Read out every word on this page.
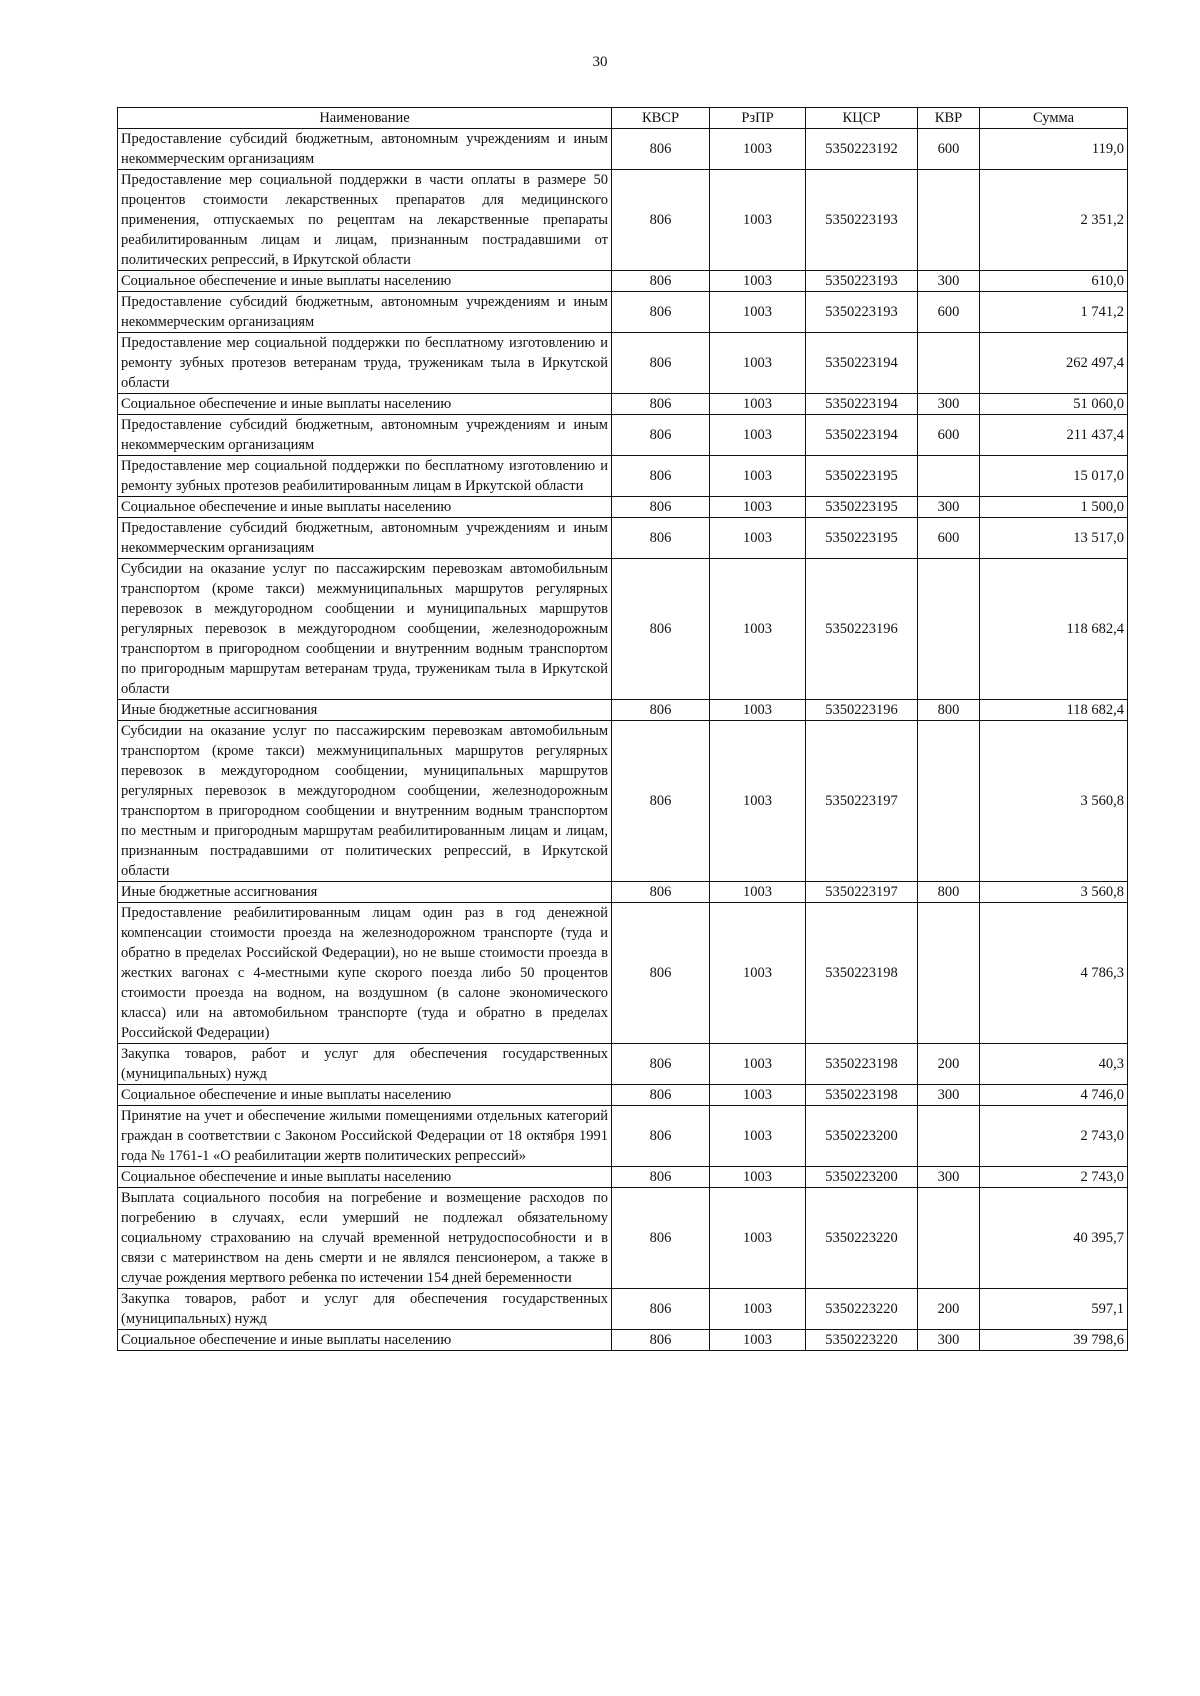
30
Наименование	КВСР	РзПР	КЦСР	КВР	Сумма
Предоставление субсидий бюджетным, автономным учреждениям и иным некоммерческим организациям	806	1003	5350223192	600	119,0
Предоставление мер социальной поддержки в части оплаты в размере 50 процентов стоимости лекарственных препаратов для медицинского применения, отпускаемых по рецептам на лекарственные препараты реабилитированным лицам и лицам, признанным пострадавшими от политических репрессий, в Иркутской области	806	1003	5350223193		2 351,2
Социальное обеспечение и иные выплаты населению	806	1003	5350223193	300	610,0
Предоставление субсидий бюджетным, автономным учреждениям и иным некоммерческим организациям	806	1003	5350223193	600	1 741,2
Предоставление мер социальной поддержки по бесплатному изготовлению и ремонту зубных протезов ветеранам труда, труженикам тыла в Иркутской области	806	1003	5350223194		262 497,4
Социальное обеспечение и иные выплаты населению	806	1003	5350223194	300	51 060,0
Предоставление субсидий бюджетным, автономным учреждениям и иным некоммерческим организациям	806	1003	5350223194	600	211 437,4
Предоставление мер социальной поддержки по бесплатному изготовлению и ремонту зубных протезов реабилитированным лицам в Иркутской области	806	1003	5350223195		15 017,0
Социальное обеспечение и иные выплаты населению	806	1003	5350223195	300	1 500,0
Предоставление субсидий бюджетным, автономным учреждениям и иным некоммерческим организациям	806	1003	5350223195	600	13 517,0
Субсидии на оказание услуг по пассажирским перевозкам автомобильным транспортом (кроме такси) межмуниципальных маршрутов регулярных перевозок в междугородном сообщении и муниципальных маршрутов регулярных перевозок в междугородном сообщении, железнодорожным транспортом в пригородном сообщении и внутренним водным транспортом по пригородным маршрутам ветеранам труда, труженикам тыла в Иркутской области	806	1003	5350223196		118 682,4
Иные бюджетные ассигнования	806	1003	5350223196	800	118 682,4
Субсидии на оказание услуг по пассажирским перевозкам автомобильным транспортом (кроме такси) межмуниципальных маршрутов регулярных перевозок в междугородном сообщении, муниципальных маршрутов регулярных перевозок в междугородном сообщении, железнодорожным транспортом в пригородном сообщении и внутренним водным транспортом по местным и пригородным маршрутам реабилитированным лицам и лицам, признанным пострадавшими от политических репрессий, в Иркутской области	806	1003	5350223197		3 560,8
Иные бюджетные ассигнования	806	1003	5350223197	800	3 560,8
Предоставление реабилитированным лицам один раз в год денежной компенсации стоимости проезда на железнодорожном транспорте (туда и обратно в пределах Российской Федерации), но не выше стоимости проезда в жестких вагонах с 4-местными купе скорого поезда либо 50 процентов стоимости проезда на водном, на воздушном (в салоне экономического класса) или на автомобильном транспорте (туда и обратно в пределах Российской Федерации)	806	1003	5350223198		4 786,3
Закупка товаров, работ и услуг для обеспечения государственных (муниципальных) нужд	806	1003	5350223198	200	40,3
Социальное обеспечение и иные выплаты населению	806	1003	5350223198	300	4 746,0
Принятие на учет и обеспечение жилыми помещениями отдельных категорий граждан в соответствии с Законом Российской Федерации от 18 октября 1991 года № 1761-1 «О реабилитации жертв политических репрессий»	806	1003	5350223200		2 743,0
Социальное обеспечение и иные выплаты населению	806	1003	5350223200	300	2 743,0
Выплата социального пособия на погребение и возмещение расходов по погребению в случаях, если умерший не подлежал обязательному социальному страхованию на случай временной нетрудоспособности и в связи с материнством на день смерти и не являлся пенсионером, а также в случае рождения мертвого ребенка по истечении 154 дней беременности	806	1003	5350223220		40 395,7
Закупка товаров, работ и услуг для обеспечения государственных (муниципальных) нужд	806	1003	5350223220	200	597,1
Социальное обеспечение и иные выплаты населению	806	1003	5350223220	300	39 798,6
